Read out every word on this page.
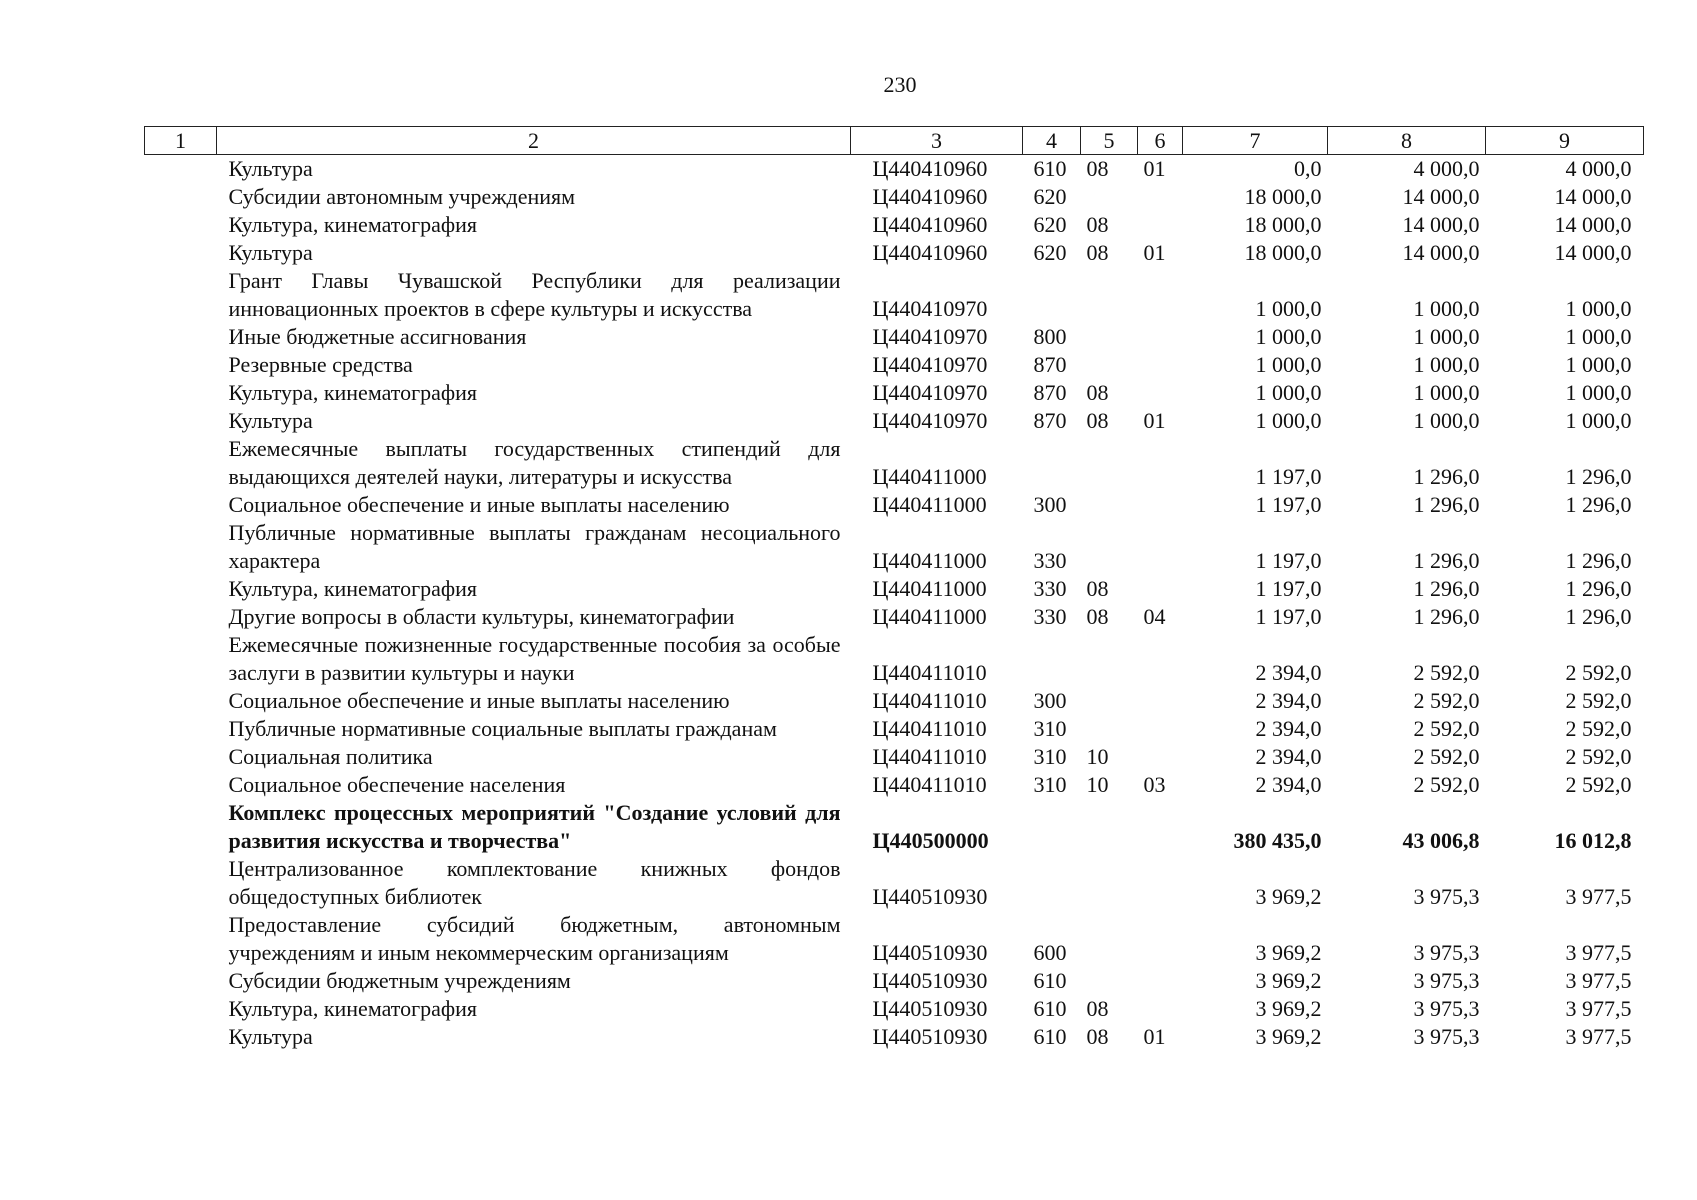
230
1	2	3	4	5	6	7	8	9
	Культура	Ц440410960	610	08	01	0,0	4 000,0	4 000,0
	Субсидии автономным учреждениям	Ц440410960	620			18 000,0	14 000,0	14 000,0
	Культура, кинематография	Ц440410960	620	08		18 000,0	14 000,0	14 000,0
	Культура	Ц440410960	620	08	01	18 000,0	14 000,0	14 000,0
	Грант Главы Чувашской Республики для реализации инновационных проектов в сфере культуры и искусства	Ц440410970				1 000,0	1 000,0	1 000,0
	Иные бюджетные ассигнования	Ц440410970	800			1 000,0	1 000,0	1 000,0
	Резервные средства	Ц440410970	870			1 000,0	1 000,0	1 000,0
	Культура, кинематография	Ц440410970	870	08		1 000,0	1 000,0	1 000,0
	Культура	Ц440410970	870	08	01	1 000,0	1 000,0	1 000,0
	Ежемесячные выплаты государственных стипендий для выдающихся деятелей науки, литературы и искусства	Ц440411000				1 197,0	1 296,0	1 296,0
	Социальное обеспечение и иные выплаты населению	Ц440411000	300			1 197,0	1 296,0	1 296,0
	Публичные нормативные выплаты гражданам несоциального характера	Ц440411000	330			1 197,0	1 296,0	1 296,0
	Культура, кинематография	Ц440411000	330	08		1 197,0	1 296,0	1 296,0
	Другие вопросы в области культуры, кинематографии	Ц440411000	330	08	04	1 197,0	1 296,0	1 296,0
	Ежемесячные пожизненные государственные пособия за особые заслуги в развитии культуры и науки	Ц440411010				2 394,0	2 592,0	2 592,0
	Социальное обеспечение и иные выплаты населению	Ц440411010	300			2 394,0	2 592,0	2 592,0
	Публичные нормативные социальные выплаты гражданам	Ц440411010	310			2 394,0	2 592,0	2 592,0
	Социальная политика	Ц440411010	310	10		2 394,0	2 592,0	2 592,0
	Социальное обеспечение населения	Ц440411010	310	10	03	2 394,0	2 592,0	2 592,0
	Комплекс процессных мероприятий "Создание условий для развития искусства и творчества"	Ц440500000				380 435,0	43 006,8	16 012,8
	Централизованное комплектование книжных фондов общедоступных библиотек	Ц440510930				3 969,2	3 975,3	3 977,5
	Предоставление субсидий бюджетным, автономным учреждениям и иным некоммерческим организациям	Ц440510930	600			3 969,2	3 975,3	3 977,5
	Субсидии бюджетным учреждениям	Ц440510930	610			3 969,2	3 975,3	3 977,5
	Культура, кинематография	Ц440510930	610	08		3 969,2	3 975,3	3 977,5
	Культура	Ц440510930	610	08	01	3 969,2	3 975,3	3 977,5
